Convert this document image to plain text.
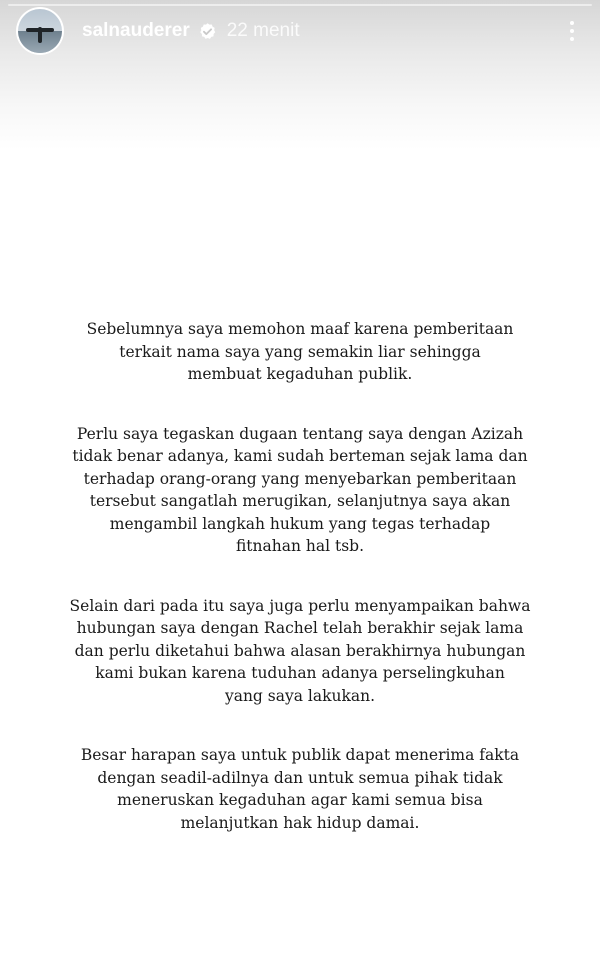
salnauderer 22 menit

Sebelumnya saya memohon maaf karena pemberitaan
terkait nama saya yang semakin liar sehingga
membuat kegaduhan publik.

Perlu saya tegaskan dugaan tentang saya dengan Azizah
tidak benar adanya, kami sudah berteman sejak lama dan
terhadap orang-orang yang menyebarkan pemberitaan
tersebut sangatlah merugikan, selanjutnya saya akan
mengambil langkah hukum yang tegas terhadap
fitnahan hal tsb.

Selain dari pada itu saya juga perlu menyampaikan bahwa
hubungan saya dengan Rachel telah berakhir sejak lama
dan perlu diketahui bahwa alasan berakhirnya hubungan
kami bukan karena tuduhan adanya perselingkuhan
yang saya lakukan.

Besar harapan saya untuk publik dapat menerima fakta
dengan seadil-adilnya dan untuk semua pihak tidak
meneruskan kegaduhan agar kami semua bisa
melanjutkan hak hidup damai.
